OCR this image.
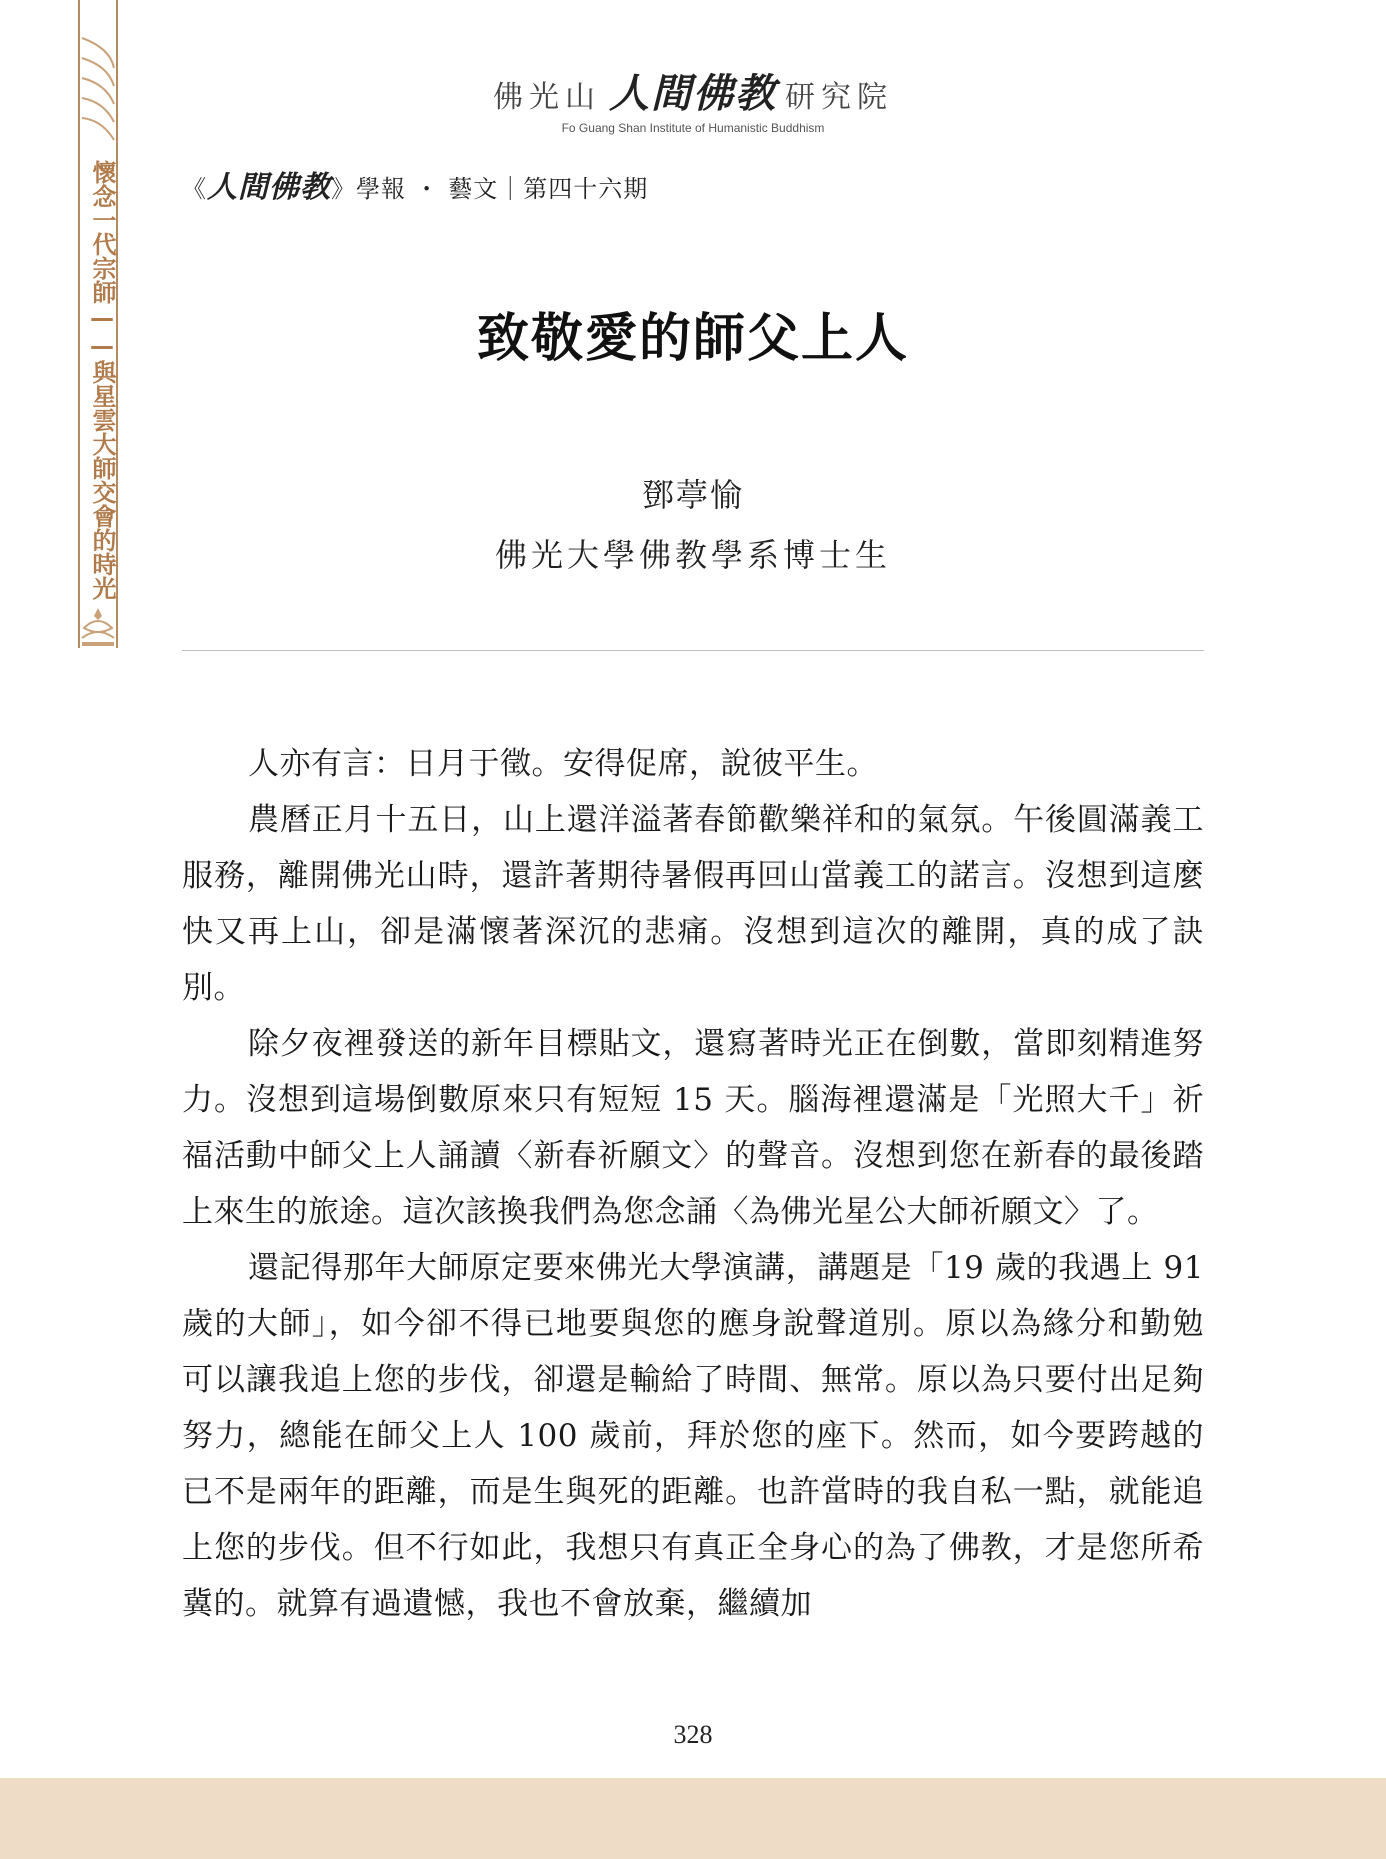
懷念一代宗師——與星雲大師交會的時光
佛光山 人間佛教 研究院
Fo Guang Shan Institute of Humanistic Buddhism
《人間佛教》學報 ・ 藝文｜第四十六期
致敬愛的師父上人
鄧葶愉
佛光大學佛教學系博士生

人亦有言：日月于徵。安得促席，說彼平生。

農曆正月十五日，山上還洋溢著春節歡樂祥和的氣氛。午後圓滿義工服務，離開佛光山時，還許著期待暑假再回山當義工的諾言。沒想到這麼快又再上山，卻是滿懷著深沉的悲痛。沒想到這次的離開，真的成了訣別。

除夕夜裡發送的新年目標貼文，還寫著時光正在倒數，當即刻精進努力。沒想到這場倒數原來只有短短 15 天。腦海裡還滿是「光照大千」祈福活動中師父上人誦讀〈新春祈願文〉的聲音。沒想到您在新春的最後踏上來生的旅途。這次該換我們為您念誦〈為佛光星公大師祈願文〉了。

還記得那年大師原定要來佛光大學演講，講題是「19 歲的我遇上 91 歲的大師」，如今卻不得已地要與您的應身說聲道別。原以為緣分和勤勉可以讓我追上您的步伐，卻還是輸給了時間、無常。原以為只要付出足夠努力，總能在師父上人 100 歲前，拜於您的座下。然而，如今要跨越的已不是兩年的距離，而是生與死的距離。也許當時的我自私一點，就能追上您的步伐。但不行如此，我想只有真正全身心的為了佛教，才是您所希冀的。就算有過遺憾，我也不會放棄，繼續加

328
